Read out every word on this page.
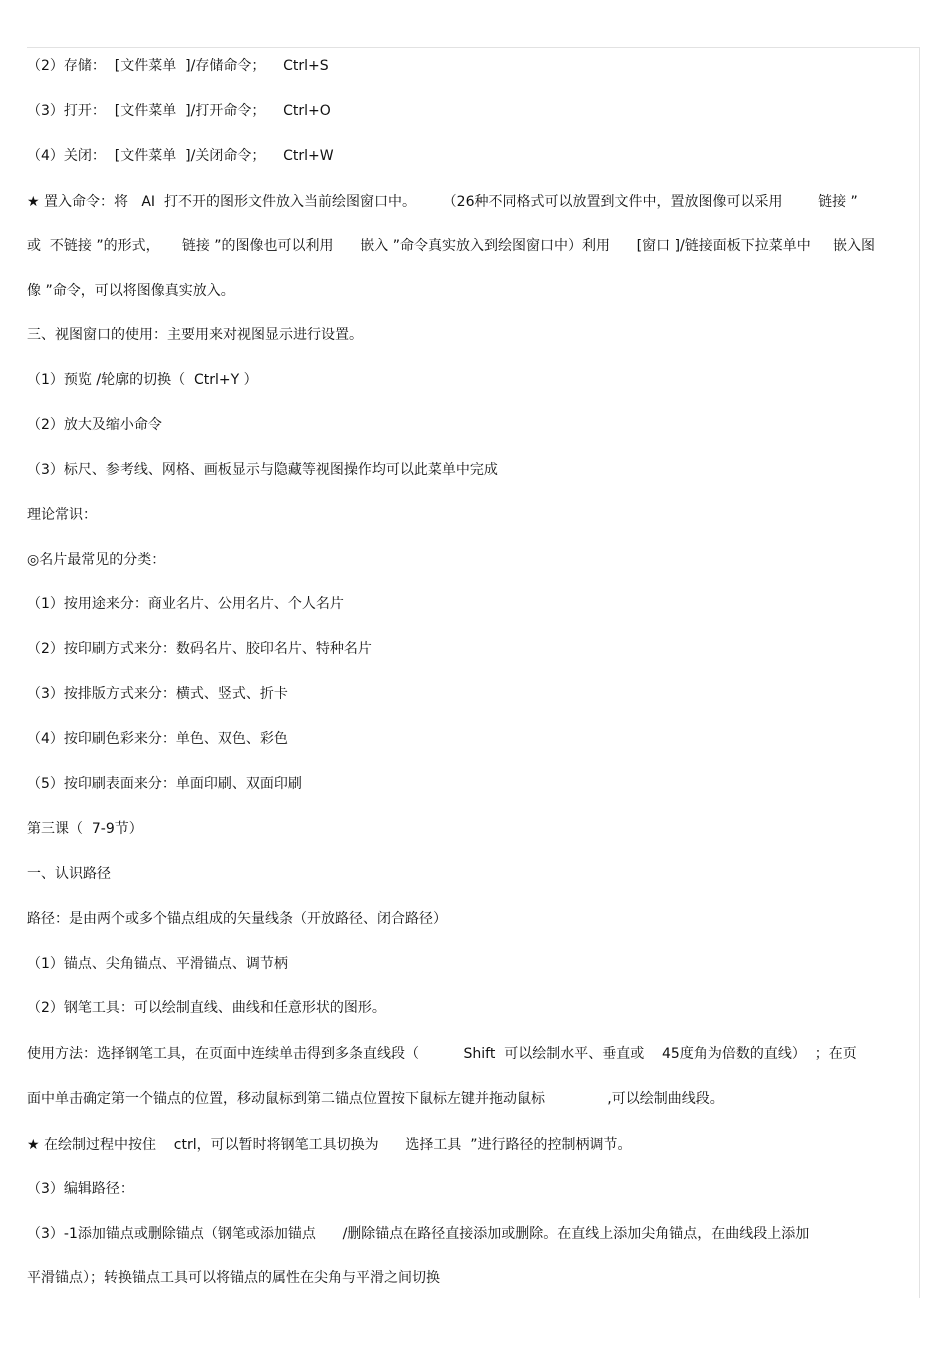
（2）存储：  [文件菜单  ]/存储命令；    Ctrl+S
（3）打开：  [文件菜单  ]/打开命令；    Ctrl+O
（4）关闭：  [文件菜单  ]/关闭命令；    Ctrl+W
★ 置入命令：将   AI  打不开的图形文件放入当前绘图窗口中。      （26种不同格式可以放置到文件中，置放图像可以采用        链接 ”
或  不链接 ”的形式，     链接 ”的图像也可以利用      嵌入 ”命令真实放入到绘图窗口中）利用      [窗口 ]/链接面板下拉菜单中     嵌入图
像 ”命令，可以将图像真实放入。
三、视图窗口的使用：主要用来对视图显示进行设置。
（1）预览 /轮廓的切换（  Ctrl+Y ）
（2）放大及缩小命令
（3）标尺、参考线、网格、画板显示与隐藏等视图操作均可以此菜单中完成
理论常识：
◎名片最常见的分类：
（1）按用途来分：商业名片、公用名片、个人名片
（2）按印刷方式来分：数码名片、胶印名片、特种名片
（3）按排版方式来分：横式、竖式、折卡
（4）按印刷色彩来分：单色、双色、彩色
（5）按印刷表面来分：单面印刷、双面印刷
第三课（  7-9节）
一、认识路径
路径：是由两个或多个锚点组成的矢量线条（开放路径、闭合路径）
（1）锚点、尖角锚点、平滑锚点、调节柄
（2）钢笔工具：可以绘制直线、曲线和任意形状的图形。
使用方法：选择钢笔工具，在页面中连续单击得到多条直线段（          Shift  可以绘制水平、垂直或    45度角为倍数的直线）  ；在页
面中单击确定第一个锚点的位置，移动鼠标到第二锚点位置按下鼠标左键并拖动鼠标              ,可以绘制曲线段。
★ 在绘制过程中按住    ctrl，可以暂时将钢笔工具切换为      选择工具  ”进行路径的控制柄调节。
（3）编辑路径：
（3）-1添加锚点或删除锚点（钢笔或添加锚点      /删除锚点在路径直接添加或删除。在直线上添加尖角锚点，在曲线段上添加
平滑锚点）；转换锚点工具可以将锚点的属性在尖角与平滑之间切换
